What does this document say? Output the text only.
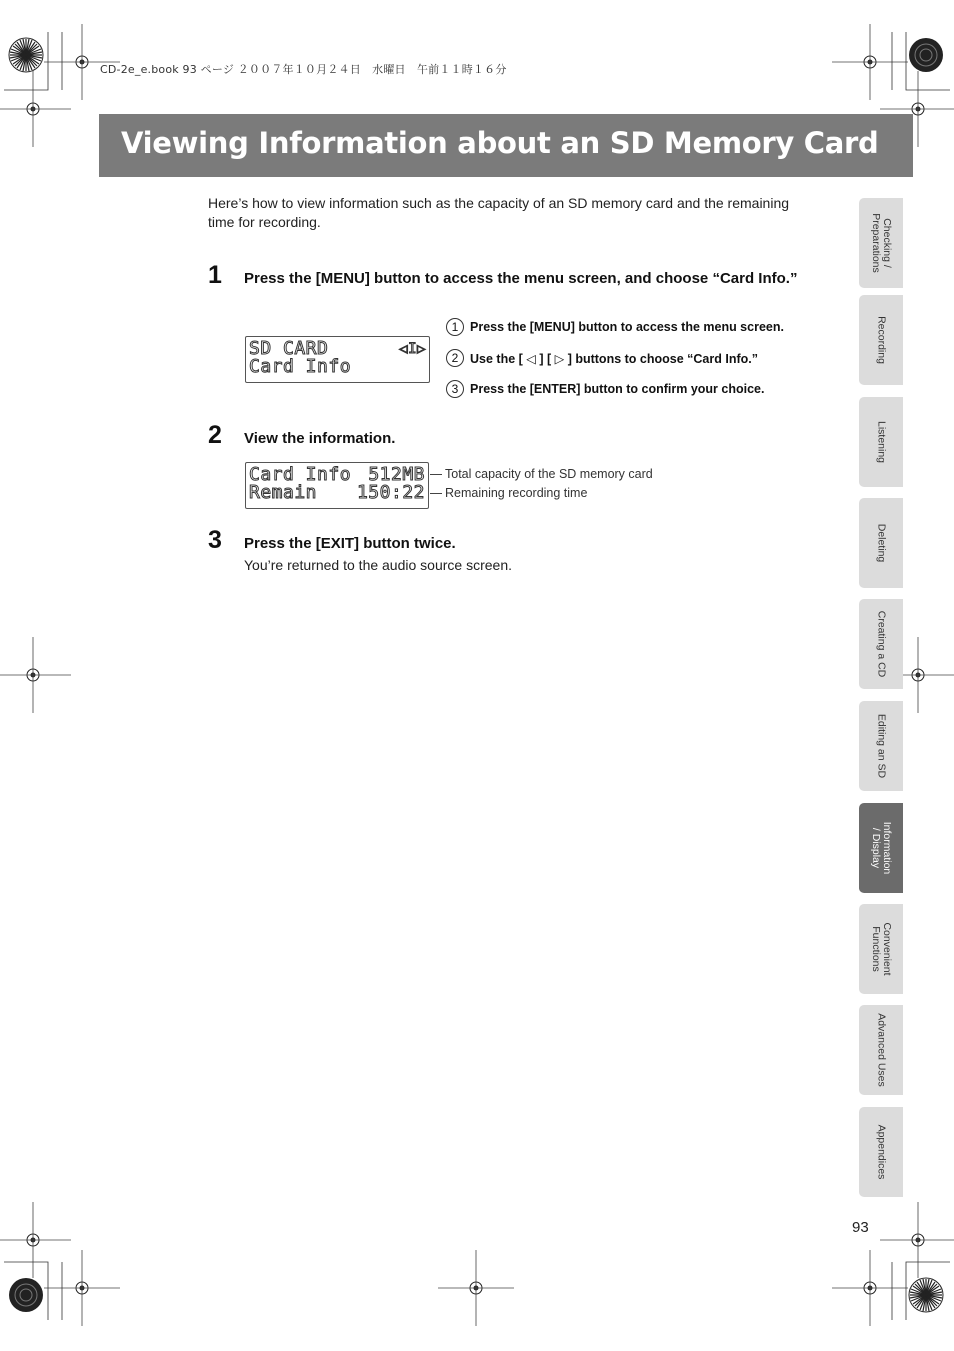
CD-2e_e.book 93 ページ ２００７年１０月２４日　水曜日　午前１１時１６分
Viewing Information about an SD Memory Card
Here’s how to view information such as the capacity of an SD memory card and the remaining time for recording.
1 Press the [MENU] button to access the menu screen, and choose “Card Info.”
SD CARD	◁I▷
Card Info
1 Press the [MENU] button to access the menu screen.
2 Use the [ ◁ ] [ ▷ ] buttons to choose “Card Info.”
3 Press the [ENTER] button to confirm your choice.
2 View the information.
Card Info 512MB
Remain 150:22
Total capacity of the SD memory card
Remaining recording time
3 Press the [EXIT] button twice.
You’re returned to the audio source screen.
Checking /
Preparations
Recording
Listening
Deleting
Creating a CD
Editing an SD
Information
/ Display
Convenient
Functions
Advanced Uses
Appendices
93
